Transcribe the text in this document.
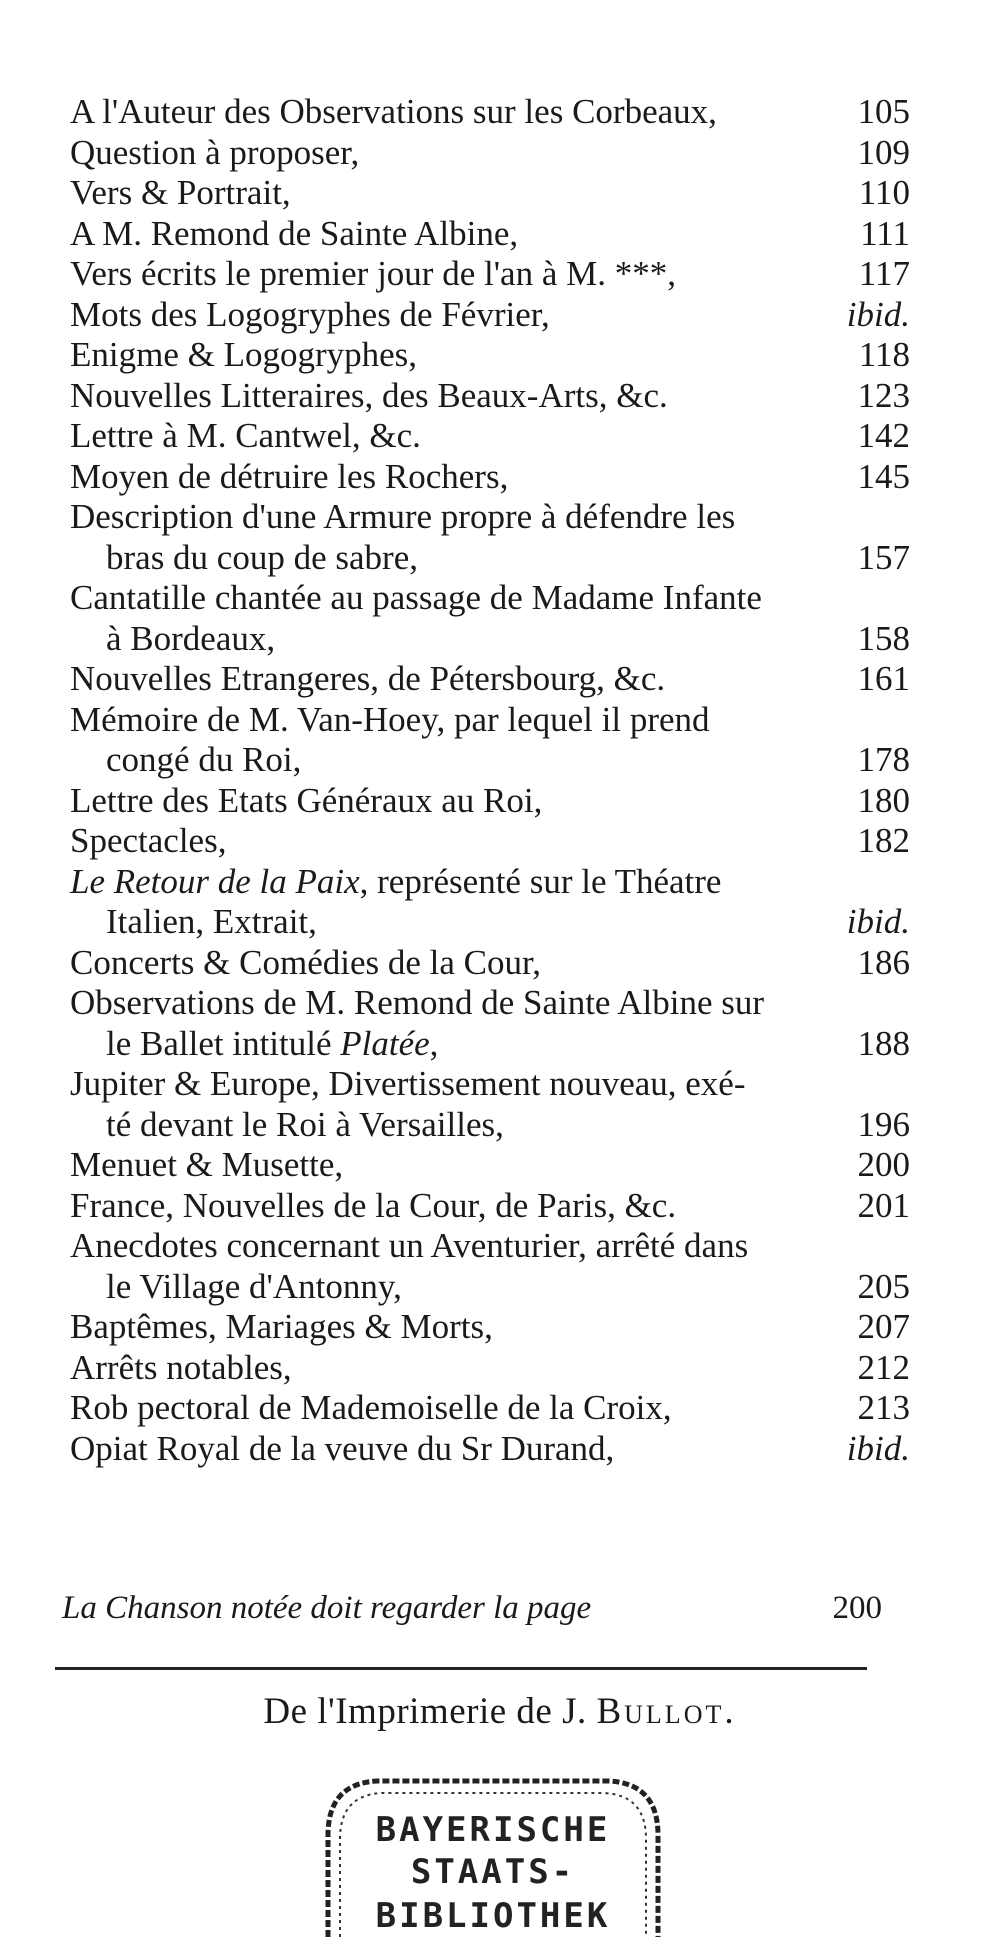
A l'Auteur des Observations sur les Corbeaux,	105
Question à proposer,	109
Vers & Portrait,	110
A M. Remond de Sainte Albine,	111
Vers écrits le premier jour de l'an à M. ***,	117
Mots des Logogryphes de Février,	ibid.
Enigme & Logogryphes,	118
Nouvelles Litteraires, des Beaux-Arts, &c.	123
Lettre à M. Cantwel, &c.	142
Moyen de détruire les Rochers,	145
Description d'une Armure propre à défendre les
bras du coup de sabre,	157
Cantatille chantée au passage de Madame Infante
à Bordeaux,	158
Nouvelles Etrangeres, de Pétersbourg, &c.	161
Mémoire de M. Van-Hoey, par lequel il prend
congé du Roi,	178
Lettre des Etats Généraux au Roi,	180
Spectacles,	182
Le Retour de la Paix, représenté sur le Théatre
Italien, Extrait,	ibid.
Concerts & Comédies de la Cour,	186
Observations de M. Remond de Sainte Albine sur
le Ballet intitulé Platée,	188
Jupiter & Europe, Divertissement nouveau, exé-
té devant le Roi à Versailles,	196
Menuet & Musette,	200
France, Nouvelles de la Cour, de Paris, &c.	201
Anecdotes concernant un Aventurier, arrêté dans
le Village d'Antonny,	205
Baptêmes, Mariages & Morts,	207
Arrêts notables,	212
Rob pectoral de Mademoiselle de la Croix,	213
Opiat Royal de la veuve du Sr Durand,	ibid.
La Chanson notée doit regarder la page	200
De l'Imprimerie de J. Bullot.
BAYERISCHE
STAATS-
BIBLIOTHEK
